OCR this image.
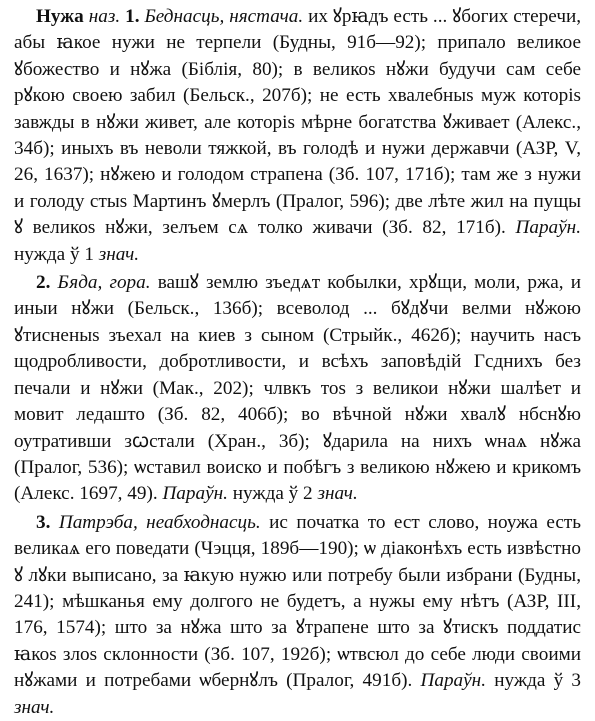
Нужа наз. 1. Беднасць, нястача. их ꙋрꙗдъ есть ... ꙋбогих стеречи, абы ꙗкое нужи не терпели (Будны, 91б—92); припало великое ꙋбожество и нꙋжа (Біблія, 80); в великоѕ нꙋжи будучи сам себе рꙋкою своею забил (Бельск., 207б); не есть хвалебныѕ муж которіѕ завжды в нꙋжи живет, але которіѕ мѣрне богатства ꙋживает (Алекс., 34б); иныхъ въ неволи тяжкой, въ голодѣ и нужи державчи (АЗР, V, 26, 1637); нꙋжею и голодом страпена (Зб. 107, 171б); там же з нужи и голоду стыѕ Мартинъ ꙋмерлъ (Пралог, 596); две лѣте жил на пущы ꙋ великоѕ нꙋжи, зелъем сѧ толко живачи (Зб. 82, 171б). Параўн. нужда ў 1 знач.

2. Бяда, гора. вашꙋ землю зъедѧт кобылки, хрꙋщи, моли, ржа, и иныи нꙋжи (Бельск., 136б); всеволод ... бꙋдꙋчи велми нꙋжою ꙋтисненыѕ зъехал на киев з сыном (Стрыйк., 462б); научить насъ щодробливости, добротливости, и всѣхъ заповѣдій Гсднихъ без печали и нꙋжи (Мак., 202); члвкъ тоѕ з великои нꙋжи шалѣет и мовит ледашто (Зб. 82, 406б); во вѣчной нꙋжи хвалꙋ нбснꙋю оутративши зꙍстали (Хран., 3б); ꙋдарила на нихъ ѡнаѧ нꙋжа (Пралог, 536); ѡставил воиско и побѣгъ з великою нꙋжею и крикомъ (Алекс. 1697, 49). Параўн. нужда ў 2 знач.

3. Патрэба, неабходнасць. ис початка то ест слово, ноужа есть великаѧ его поведати (Чэцця, 189б—190); ѡ діаконѣхъ есть извѣстно ꙋ лꙋки выписано, за ꙗкую нужю или потребу были избрани (Будны, 241); мѣшканья ему долгого не будетъ, а нужы ему нѣтъ (АЗР, III, 176, 1574); што за нꙋжа што за ꙋтрапене што за ꙋтискъ поддатис ꙗкоѕ злоѕ склонности (Зб. 107, 192б); ѡтвсюл до себе люди своими нꙋжами и потребами ѡбернꙋлъ (Пралог, 491б). Параўн. нужда ў 3 знач.
